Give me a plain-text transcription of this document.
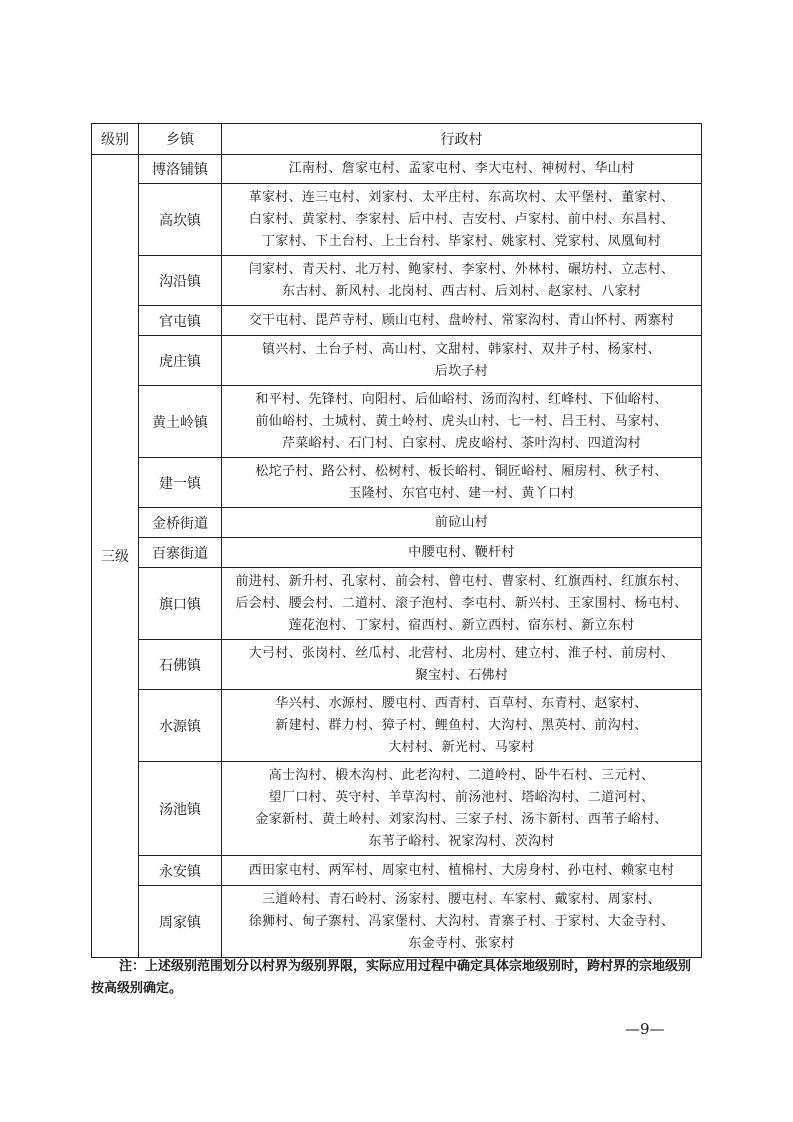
级别	乡镇	行政村
三级	博洛铺镇	江南村、詹家屯村、孟家屯村、李大屯村、神树村、华山村

	高坎镇	革家村、连三屯村、刘家村、太平庄村、东高坎村、太平堡村、董家村、
白家村、黄家村、李家村、后中村、吉安村、卢家村、前中村、东昌村、
丁家村、下土台村、上土台村、毕家村、姚家村、党家村、凤凰甸村

	沟沿镇	闫家村、青天村、北万村、鲍家村、李家村、外林村、碾坊村、立志村、
东古村、新风村、北岗村、西古村、后刘村、赵家村、八家村

	官屯镇	交干屯村、毘芦寺村、顾山屯村、盘岭村、常家沟村、青山怀村、两寨村

	虎庄镇	镇兴村、土台子村、高山村、文甜村、韩家村、双井子村、杨家村、
后坎子村

	黄土岭镇	和平村、先锋村、向阳村、后仙峪村、汤而沟村、红峰村、下仙峪村、
前仙峪村、土城村、黄土岭村、虎头山村、七一村、吕王村、马家村、
芹菜峪村、石门村、白家村、虎皮峪村、茶叶沟村、四道沟村

	建一镇	松坨子村、路公村、松树村、板长峪村、铜匠峪村、厢房村、秋子村、
玉隆村、东官屯村、建一村、黄丫口村

	金桥街道	前砬山村

	百寨街道	中腰屯村、鞭杆村

	旗口镇	前进村、新升村、孔家村、前会村、曾屯村、曹家村、红旗西村、红旗东村、
后会村、腰会村、二道村、滚子泡村、李屯村、新兴村、王家围村、杨屯村、
莲花泡村、丁家村、宿西村、新立西村、宿东村、新立东村

	石佛镇	大弓村、张岗村、丝瓜村、北营村、北房村、建立村、淮子村、前房村、
聚宝村、石佛村

	水源镇	华兴村、水源村、腰屯村、西青村、百草村、东青村、赵家村、
新建村、群力村、獐子村、鲤鱼村、大沟村、黑英村、前沟村、
大村村、新光村、马家村

	汤池镇	高士沟村、椴木沟村、此老沟村、二道岭村、卧牛石村、三元村、
望厂口村、英守村、羊草沟村、前汤池村、塔峪沟村、二道河村、
金家新村、黄土岭村、刘家沟村、三家子村、汤卞新村、西苇子峪村、
东苇子峪村、祝家沟村、茨沟村

	永安镇	西田家屯村、两军村、周家屯村、植棉村、大房身村、孙屯村、赖家屯村

	周家镇	三道岭村、青石岭村、汤家村、腰屯村、车家村、戴家村、周家村、
徐狮村、甸子寨村、冯家堡村、大沟村、青寨子村、于家村、大金寺村、
东金寺村、张家村
注：上述级别范围划分以村界为级别界限，实际应用过程中确定具体宗地级别时，跨村界的宗地级别按高级别确定。
—9—
